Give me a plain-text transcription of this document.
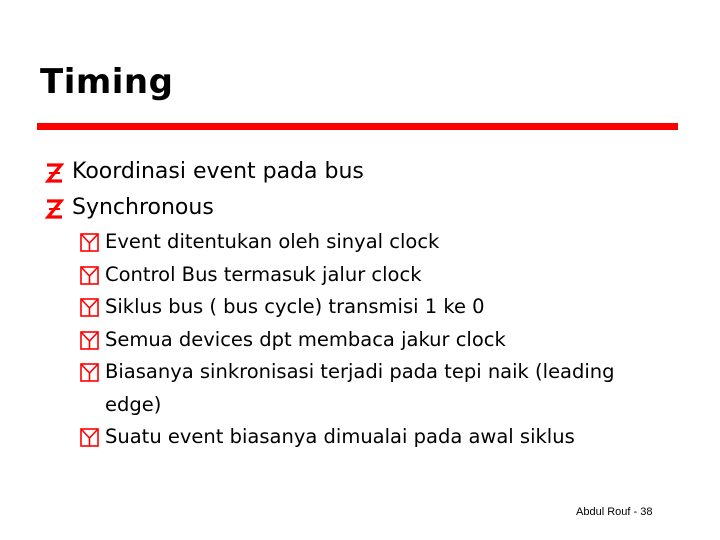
Timing
Koordinasi event pada bus
Synchronous
Event ditentukan oleh sinyal clock
Control Bus termasuk jalur clock
Siklus bus ( bus cycle) transmisi 1 ke 0
Semua devices dpt membaca jakur clock
Biasanya sinkronisasi terjadi pada tepi naik (leading edge)
Suatu event biasanya dimualai pada awal siklus
Abdul Rouf - 38
